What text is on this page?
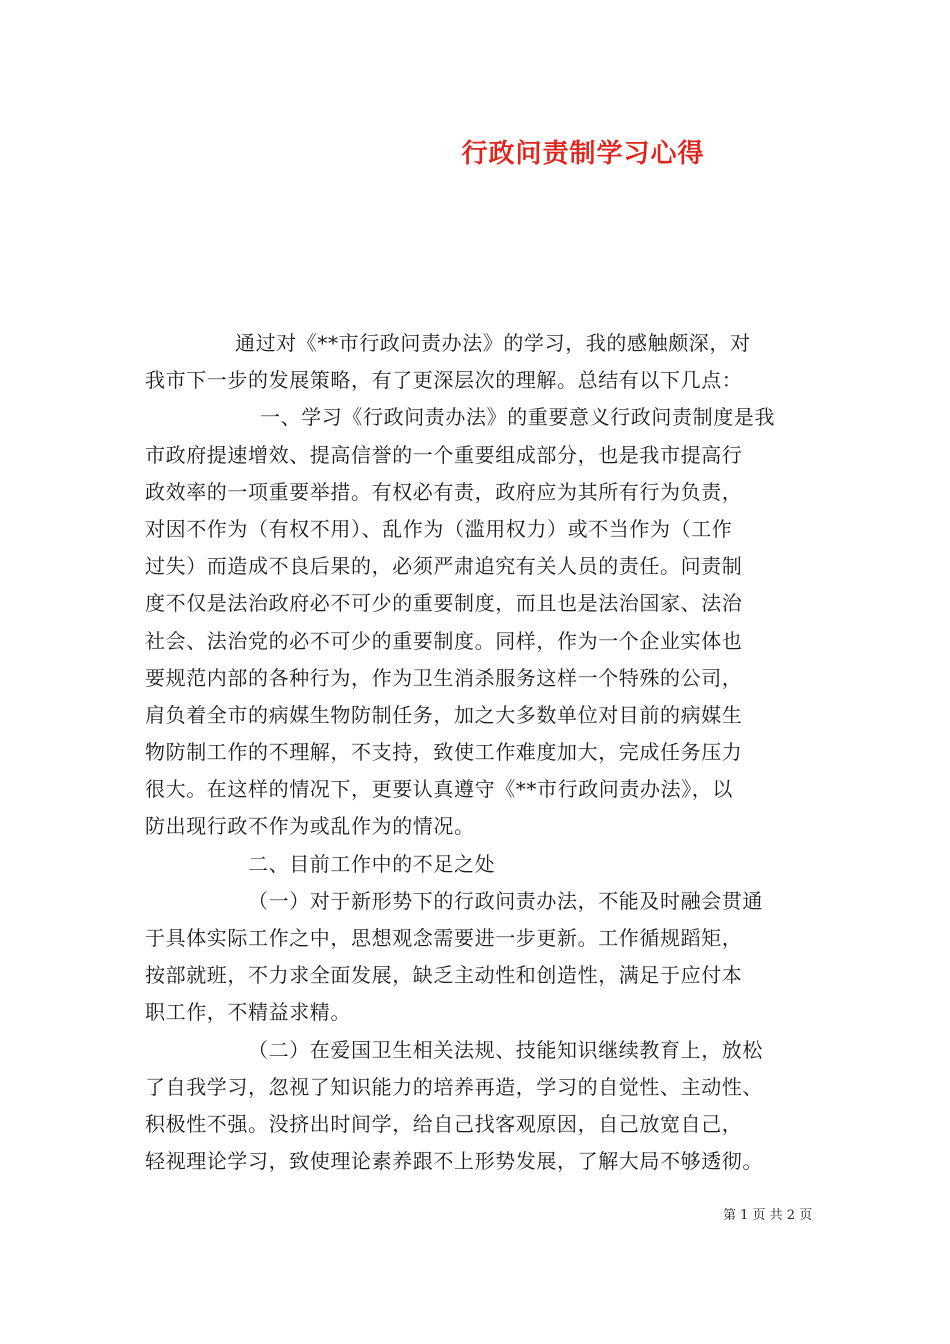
行政问责制学习心得
通过对《**市行政问责办法》的学习，我的感触颇深，对
我市下一步的发展策略，有了更深层次的理解。总结有以下几点：
一、学习《行政问责办法》的重要意义行政问责制度是我
市政府提速增效、提高信誉的一个重要组成部分，也是我市提高行
政效率的一项重要举措。有权必有责，政府应为其所有行为负责，
对因不作为（有权不用）、乱作为（滥用权力）或不当作为（工作
过失）而造成不良后果的，必须严肃追究有关人员的责任。问责制
度不仅是法治政府必不可少的重要制度，而且也是法治国家、法治
社会、法治党的必不可少的重要制度。同样，作为一个企业实体也
要规范内部的各种行为，作为卫生消杀服务这样一个特殊的公司，
肩负着全市的病媒生物防制任务，加之大多数单位对目前的病媒生
物防制工作的不理解，不支持，致使工作难度加大，完成任务压力
很大。在这样的情况下，更要认真遵守《**市行政问责办法》，以
防出现行政不作为或乱作为的情况。
二、目前工作中的不足之处
（一）对于新形势下的行政问责办法，不能及时融会贯通
于具体实际工作之中，思想观念需要进一步更新。工作循规蹈矩，
按部就班，不力求全面发展，缺乏主动性和创造性，满足于应付本
职工作，不精益求精。
（二）在爱国卫生相关法规、技能知识继续教育上，放松
了自我学习，忽视了知识能力的培养再造，学习的自觉性、主动性、
积极性不强。没挤出时间学，给自己找客观原因，自己放宽自己，
轻视理论学习，致使理论素养跟不上形势发展，了解大局不够透彻。
第 1 页 共 2 页
